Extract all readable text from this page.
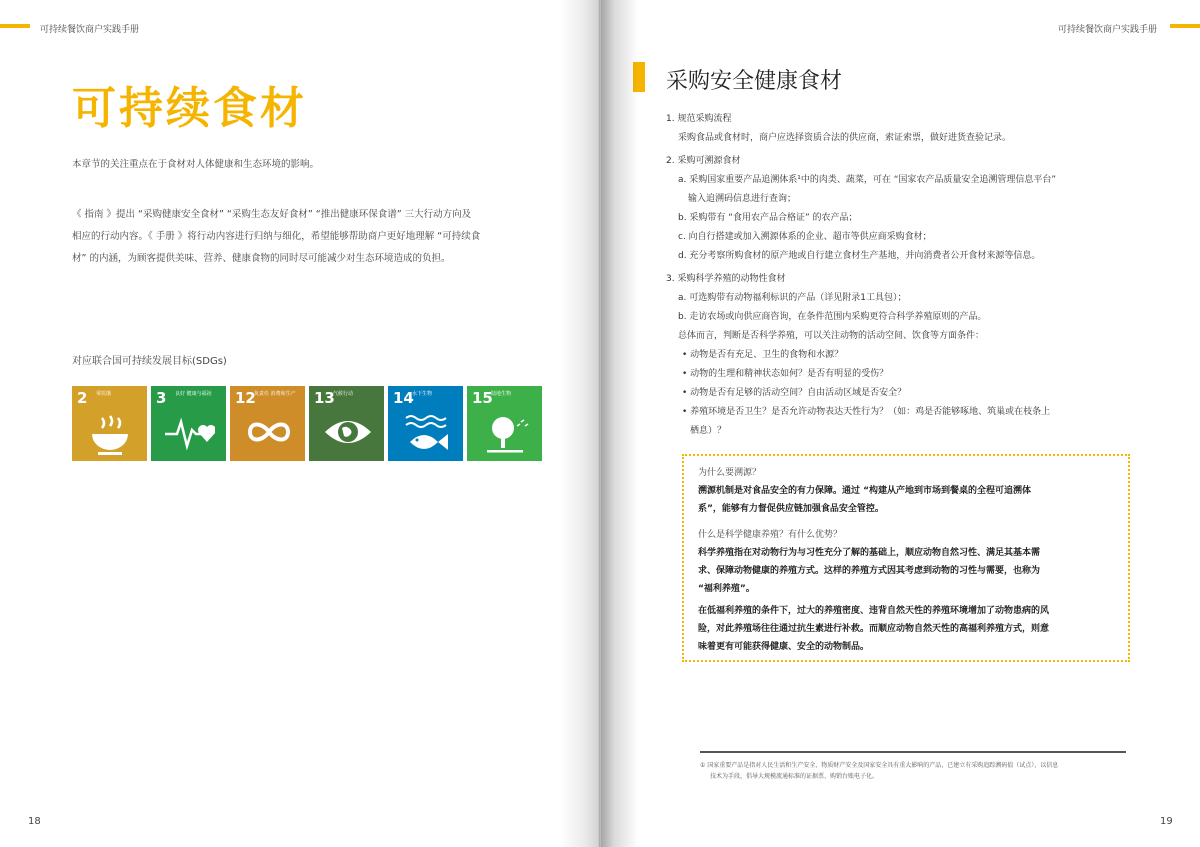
可持续餐饮商户实践手册
可持续食材
本章节的关注重点在于食材对人体健康和生态环境的影响。
《 指南 》提出 “采购健康安全食材” “采购生态友好食材” “推出健康环保食谱” 三大行动方向及
相应的行动内容。《 手册 》将行动内容进行归纳与细化，希望能够帮助商户更好地理解 “可持续食
材” 的内涵，为顾客提供美味、营养、健康食物的同时尽可能减少对生态环境造成的负担。
对应联合国可持续发展目标(SDGs)
2 零饥饿	3 良好 健康与福祉	12
负责任 消费和生产 13
气候行动	14
水下生物	15
陆地生物
18
可持续餐饮商户实践手册
采购安全健康食材
1. 规范采购流程
采购食品或食材时，商户应选择资质合法的供应商，索证索票，做好进货查验记录。
2. 采购可溯源食材
a. 采购国家重要产品追溯体系¹中的肉类、蔬菜，可在 “国家农产品质量安全追溯管理信息平台”
输入追溯码信息进行查询；
b. 采购带有 “食用农产品合格证” 的农产品；
c. 向自行搭建或加入溯源体系的企业、超市等供应商采购食材；
d. 充分考察所购食材的原产地或自行建立食材生产基地，并向消费者公开食材来源等信息。
3. 采购科学养殖的动物性食材
a. 可选购带有动物福利标识的产品（详见附录1工具包）；
b. 走访农场或向供应商咨询，在条件范围内采购更符合科学养殖原则的产品。
总体而言，判断是否科学养殖，可以关注动物的活动空间、饮食等方面条件：
• 动物是否有充足、卫生的食物和水源？
• 动物的生理和精神状态如何？是否有明显的受伤？
• 动物是否有足够的活动空间？自由活动区域是否安全？
• 养殖环境是否卫生？是否允许动物表达天性行为？（如：鸡是否能够啄地、筑巢或在枝条上
栖息）？
为什么要溯源？
溯源机制是对食品安全的有力保障。通过 “构建从产地到市场到餐桌的全程可追溯体
系”，能够有力督促供应链加强食品安全管控。
什么是科学健康养殖？有什么优势？
科学养殖指在对动物行为与习性充分了解的基础上，顺应动物自然习性、满足其基本需
求、保障动物健康的养殖方式。这样的养殖方式因其考虑到动物的习性与需要，也称为
“福利养殖”。
在低福利养殖的条件下，过大的养殖密度、违背自然天性的养殖环境增加了动物患病的风
险，对此养殖场往往通过抗生素进行补救。而顺应动物自然天性的高福利养殖方式，则意
味着更有可能获得健康、安全的动物制品。
① 国家重要产品是指对人民生活和生产安全、物质财产安全及国家安全具有重大影响的产品，已建立有采购追踪溯码值（试点），以信息
技术为手段，倡导大规模流通标准的证据票、购销台账电子化。
19
